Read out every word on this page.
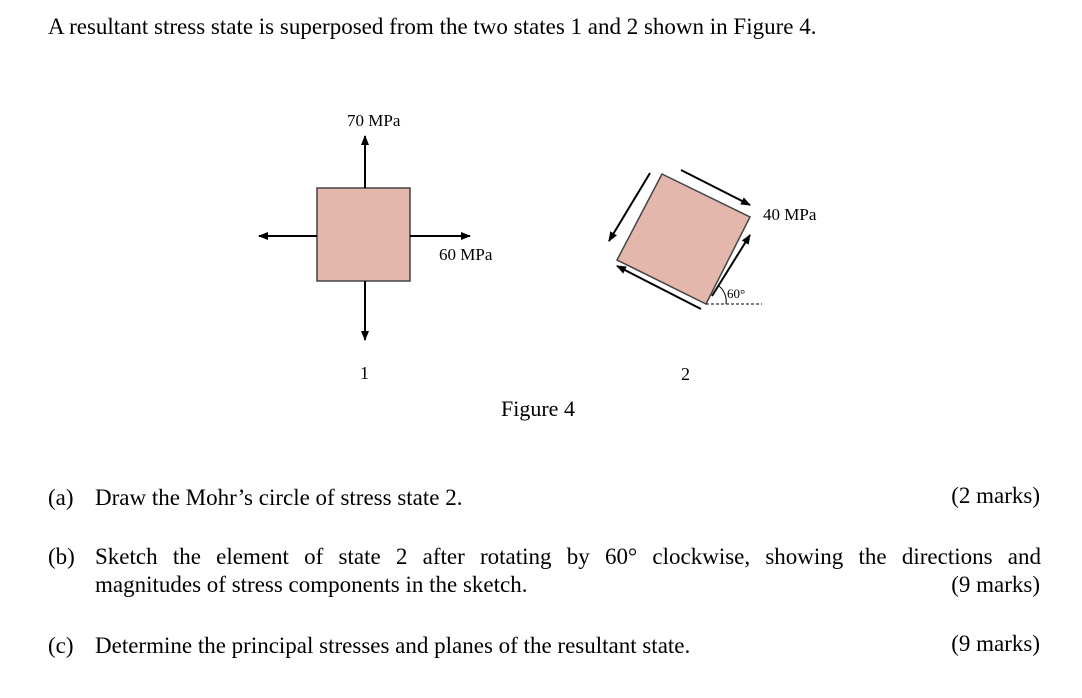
A resultant stress state is superposed from the two states 1 and 2 shown in Figure 4.
70 MPa
60 MPa
1
60°
40 MPa
2
Figure 4
(a) Draw the Mohr’s circle of stress state 2.	(2 marks)
(b) Sketch the element of state 2 after rotating by 60° clockwise, showing the directions and
magnitudes of stress components in the sketch.	(9 marks)
(c) Determine the principal stresses and planes of the resultant state.	(9 marks)
